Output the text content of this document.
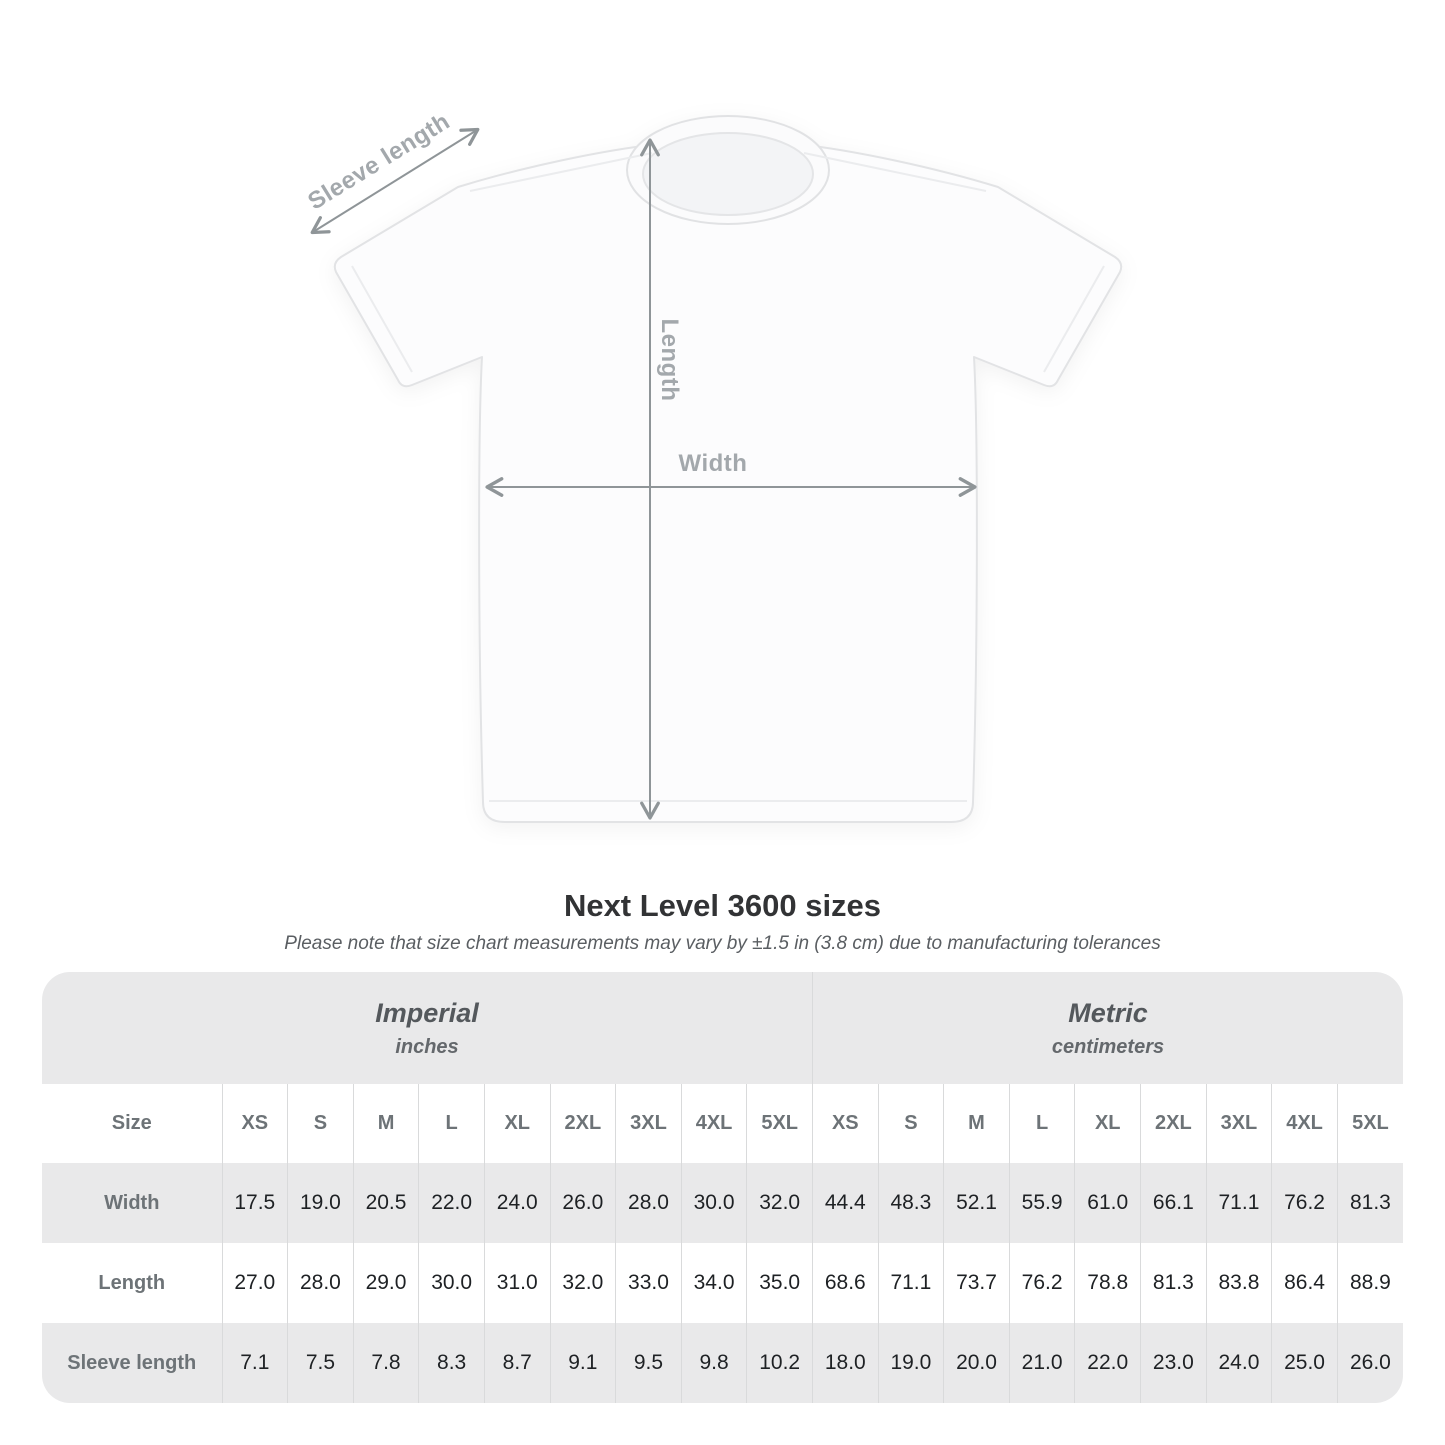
Width
Length
Sleeve length
Next Level 3600 sizes
Please note that size chart measurements may vary by ±1.5 in (3.8 cm) due to manufacturing tolerances
Imperial
inches

Metric
centimeters

Size	XS	S	M	L	XL	2XL	3XL	4XL	5XL	XS	S	M	L	XL	2XL	3XL	4XL	5XL
Width	17.5	19.0	20.5	22.0	24.0	26.0	28.0	30.0	32.0	44.4	48.3	52.1	55.9	61.0	66.1	71.1	76.2	81.3
Length	27.0	28.0	29.0	30.0	31.0	32.0	33.0	34.0	35.0	68.6	71.1	73.7	76.2	78.8	81.3	83.8	86.4	88.9
Sleeve length	7.1	7.5	7.8	8.3	8.7	9.1	9.5	9.8	10.2	18.0	19.0	20.0	21.0	22.0	23.0	24.0	25.0	26.0
